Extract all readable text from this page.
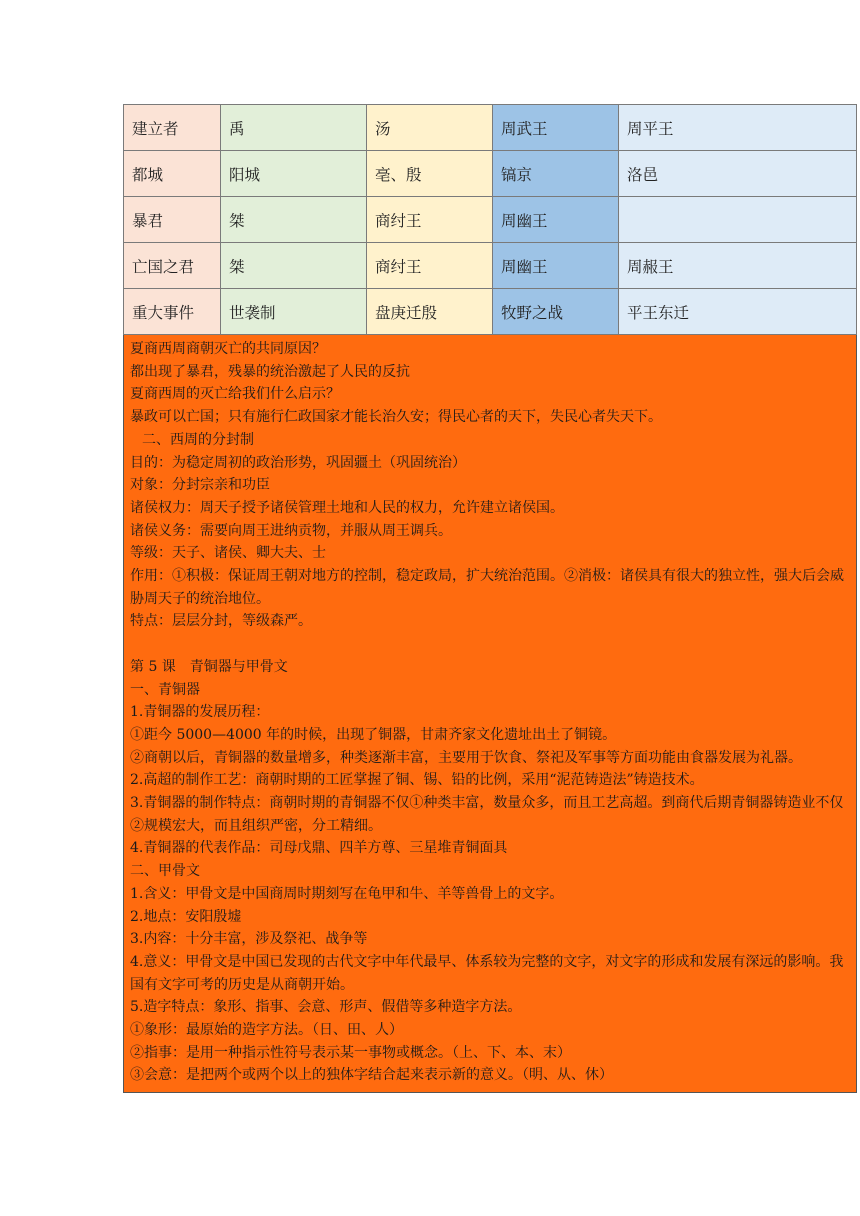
建立者	禹	汤	周武王	周平王
都城	阳城	亳、殷	镐京	洛邑
暴君	桀	商纣王	周幽王	
亡国之君	桀	商纣王	周幽王	周赧王
重大事件	世袭制	盘庚迁殷	牧野之战	平王东迁

夏商西周商朝灭亡的共同原因？

都出现了暴君，残暴的统治激起了人民的反抗

夏商西周的灭亡给我们什么启示？

暴政可以亡国；只有施行仁政国家才能长治久安；得民心者的天下，失民心者失天下。

二、西周的分封制

目的：为稳定周初的政治形势，巩固疆土（巩固统治）

对象：分封宗亲和功臣

诸侯权力：周天子授予诸侯管理土地和人民的权力，允许建立诸侯国。

诸侯义务：需要向周王进纳贡物，并服从周王调兵。

等级：天子、诸侯、卿大夫、士

作用：①积极：保证周王朝对地方的控制，稳定政局，扩大统治范围。②消极：诸侯具有很大的独立性，强大后会威胁周天子的统治地位。

特点：层层分封，等级森严。

第 5 课　青铜器与甲骨文

一、青铜器

1.青铜器的发展历程：

①距今 5000—4000 年的时候，出现了铜器，甘肃齐家文化遗址出土了铜镜。

②商朝以后，青铜器的数量增多，种类逐渐丰富，主要用于饮食、祭祀及军事等方面功能由食器发展为礼器。

2.高超的制作工艺：商朝时期的工匠掌握了铜、锡、铅的比例，采用“泥范铸造法”铸造技术。

3.青铜器的制作特点：商朝时期的青铜器不仅①种类丰富，数量众多，而且工艺高超。到商代后期青铜器铸造业不仅②规模宏大，而且组织严密，分工精细。

4.青铜器的代表作品：司母戊鼎、四羊方尊、三星堆青铜面具

二、甲骨文

1.含义：甲骨文是中国商周时期刻写在龟甲和牛、羊等兽骨上的文字。

2.地点：安阳殷墟

3.内容：十分丰富，涉及祭祀、战争等

4.意义：甲骨文是中国已发现的古代文字中年代最早、体系较为完整的文字，对文字的形成和发展有深远的影响。我国有文字可考的历史是从商朝开始。

5.造字特点：象形、指事、会意、形声、假借等多种造字方法。

①象形：最原始的造字方法。（日、田、人）

②指事：是用一种指示性符号表示某一事物或概念。（上、下、本、末）

③会意：是把两个或两个以上的独体字结合起来表示新的意义。（明、从、休）
